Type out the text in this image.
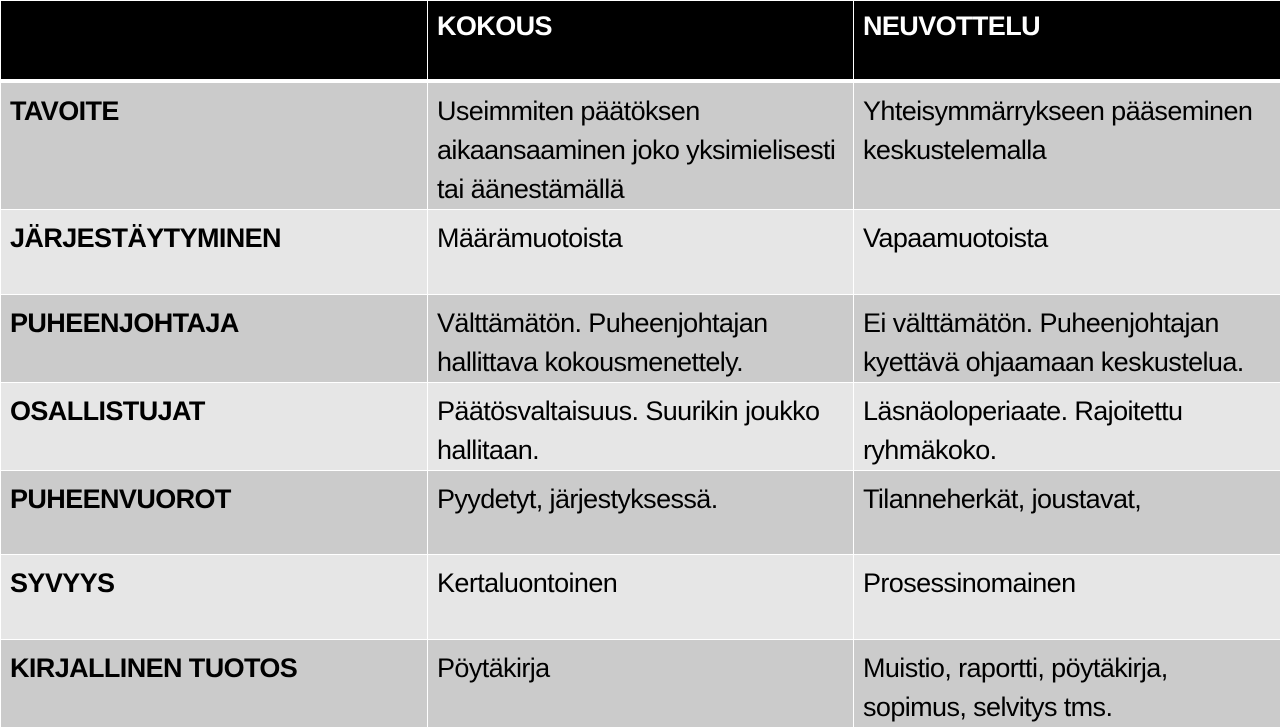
	KOKOUS	NEUVOTTELU
TAVOITE	Useimmiten päätöksen aikaansaaminen joko yksimielisesti tai äänestämällä	Yhteisymmärrykseen pääseminen keskustelemalla
JÄRJESTÄYTYMINEN	Määrämuotoista	Vapaamuotoista
PUHEENJOHTAJA	Välttämätön. Puheenjohtajan hallittava kokousmenettely.	Ei välttämätön. Puheenjohtajan kyettävä ohjaamaan keskustelua.
OSALLISTUJAT	Päätösvaltaisuus. Suurikin joukko hallitaan.	Läsnäoloperiaate. Rajoitettu ryhmäkoko.
PUHEENVUOROT	Pyydetyt, järjestyksessä.	Tilanneherkät, joustavat,
SYVYYS	Kertaluontoinen	Prosessinomainen
KIRJALLINEN TUOTOS	Pöytäkirja	Muistio, raportti, pöytäkirja, sopimus, selvitys tms.
